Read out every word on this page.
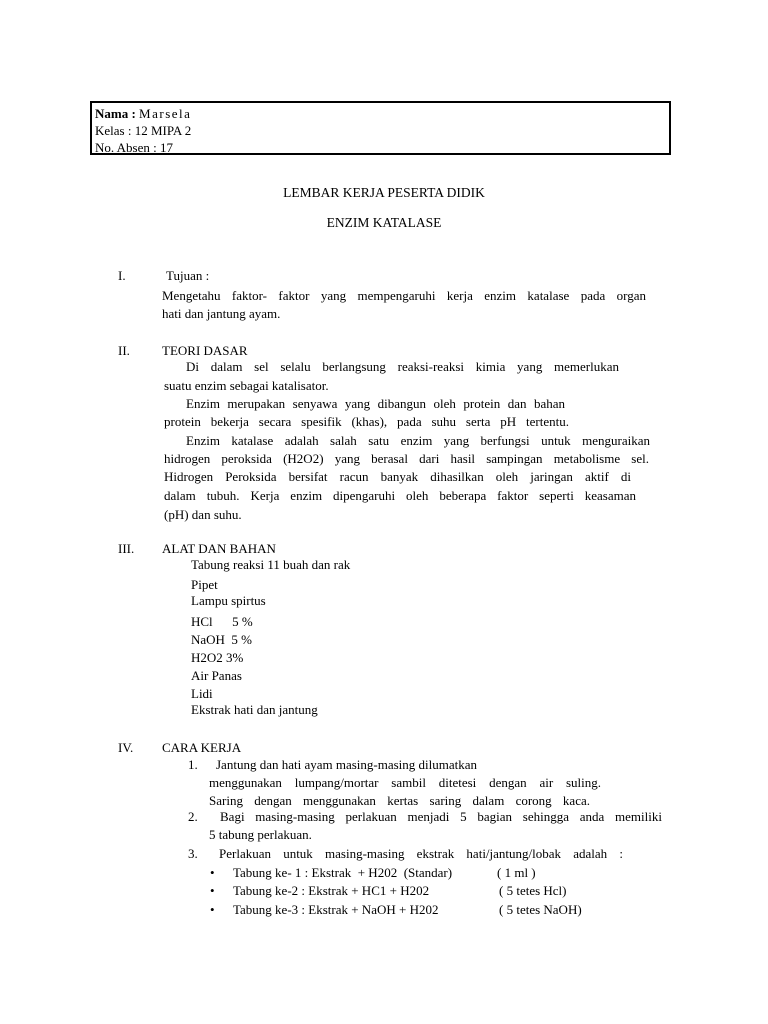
Nama : Marsela
Kelas : 12 MIPA 2
No. Absen : 17
LEMBAR KERJA PESERTA DIDIK
ENZIM KATALASE
I.	Tujuan :
Mengetahu faktor- faktor yang mempengaruhi kerja enzim katalase pada organ
hati dan jantung ayam.
II. TEORI DASAR
Di dalam sel selalu berlangsung reaksi-reaksi kimia yang memerlukan
suatu enzim sebagai katalisator.
Enzim merupakan senyawa yang dibangun oleh protein dan bahan
protein bekerja secara spesifik (khas), pada suhu serta pH tertentu.
Enzim katalase adalah salah satu enzim yang berfungsi untuk menguraikan
hidrogen peroksida (H2O2) yang berasal dari hasil sampingan metabolisme sel.
Hidrogen Peroksida bersifat racun banyak dihasilkan oleh jaringan aktif di
dalam tubuh. Kerja enzim dipengaruhi oleh beberapa faktor seperti keasaman
(pH) dan suhu.
III. ALAT DAN BAHAN
Tabung reaksi 11 buah dan rak
Pipet
Lampu spirtus
HCl      5 %
NaOH  5 %
H2O2 3%
Air Panas
Lidi
Ekstrak hati dan jantung
IV. CARA KERJA
1. Jantung dan hati ayam masing-masing dilumatkan
menggunakan lumpang/mortar sambil ditetesi dengan air suling.
Saring dengan menggunakan kertas saring dalam corong kaca.
2. Bagi masing-masing perlakuan menjadi 5 bagian sehingga anda memiliki
5 tabung perlakuan.
3. Perlakuan untuk masing-masing ekstrak hati/jantung/lobak adalah :
• Tabung ke- 1 : Ekstrak  + H202  (Standar)	( 1 ml )
• Tabung ke-2 : Ekstrak + HC1 + H202	( 5 tetes Hcl)
• Tabung ke-3 : Ekstrak + NaOH + H202	( 5 tetes NaOH)
